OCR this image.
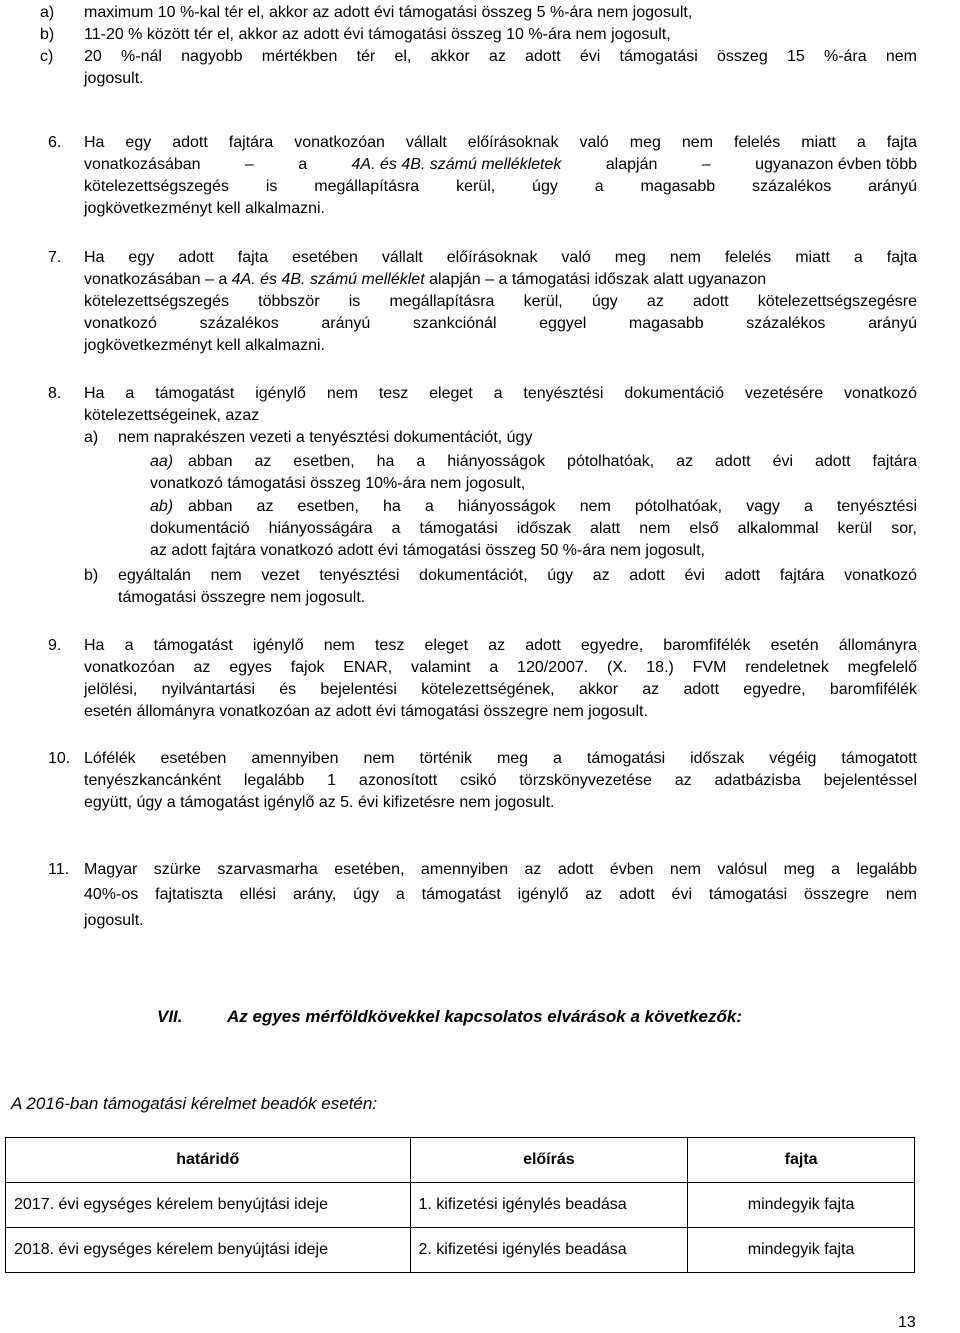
a) maximum 10 %-kal tér el, akkor az adott évi támogatási összeg 5 %-ára nem jogosult,
b) 11-20 % között tér el, akkor az adott évi támogatási összeg 10 %-ára nem jogosult,
c) 20 %-nál nagyobb mértékben tér el, akkor az adott évi támogatási összeg 15 %-ára nem
jogosult.
6. Ha egy adott fajtára vonatkozóan vállalt előírásoknak való meg nem felelés miatt a fajta
vonatkozásában	–	a	4A. és 4B. számú mellékletek	alapján	–	ugyanazon évben több
kötelezettségszegés is megállapításra kerül, úgy a magasabb százalékos arányú
jogkövetkezményt kell alkalmazni.
7. Ha egy adott fajta esetében vállalt előírásoknak való meg nem felelés miatt a fajta
vonatkozásában – a 4A. és 4B. számú melléklet alapján – a támogatási időszak alatt ugyanazon
kötelezettségszegés többször is megállapításra kerül, úgy az adott kötelezettségszegésre
vonatkozó százalékos arányú szankciónál eggyel magasabb százalékos arányú
jogkövetkezményt kell alkalmazni.
8. Ha a támogatást igénylő nem tesz eleget a tenyésztési dokumentáció vezetésére vonatkozó
kötelezettségeinek, azaz
a) nem naprakészen vezeti a tenyésztési dokumentációt, úgy
aa) abban az esetben, ha a hiányosságok pótolhatóak, az adott évi adott fajtára
vonatkozó támogatási összeg 10%-ára nem jogosult,
ab) abban az esetben, ha a hiányosságok nem pótolhatóak, vagy a tenyésztési
dokumentáció hiányosságára a támogatási időszak alatt nem első alkalommal kerül sor,
az adott fajtára vonatkozó adott évi támogatási összeg 50 %-ára nem jogosult,
b) egyáltalán nem vezet tenyésztési dokumentációt, úgy az adott évi adott fajtára vonatkozó
támogatási összegre nem jogosult.
9. Ha a támogatást igénylő nem tesz eleget az adott egyedre, baromfifélék esetén állományra
vonatkozóan az egyes fajok ENAR, valamint a 120/2007. (X. 18.) FVM rendeletnek megfelelő
jelölési, nyilvántartási és bejelentési kötelezettségének, akkor az adott egyedre, baromfifélék
esetén állományra vonatkozóan az adott évi támogatási összegre nem jogosult.
10. Lófélék esetében amennyiben nem történik meg a támogatási időszak végéig támogatott
tenyészkancánként legalább 1 azonosított csikó törzskönyvezetése az adatbázisba bejelentéssel
együtt, úgy a támogatást igénylő az 5. évi kifizetésre nem jogosult.
11. Magyar szürke szarvasmarha esetében, amennyiben az adott évben nem valósul meg a legalább
40%-os fajtatiszta ellési arány, úgy a támogatást igénylő az adott évi támogatási összegre nem
jogosult.
VII.	Az egyes mérföldkövekkel kapcsolatos elvárások a következők:
A 2016-ban támogatási kérelmet beadók esetén:
határidő	előírás	fajta
2017. évi egységes kérelem benyújtási ideje	1. kifizetési igénylés beadása	mindegyik fajta
2018. évi egységes kérelem benyújtási ideje	2. kifizetési igénylés beadása	mindegyik fajta
13
